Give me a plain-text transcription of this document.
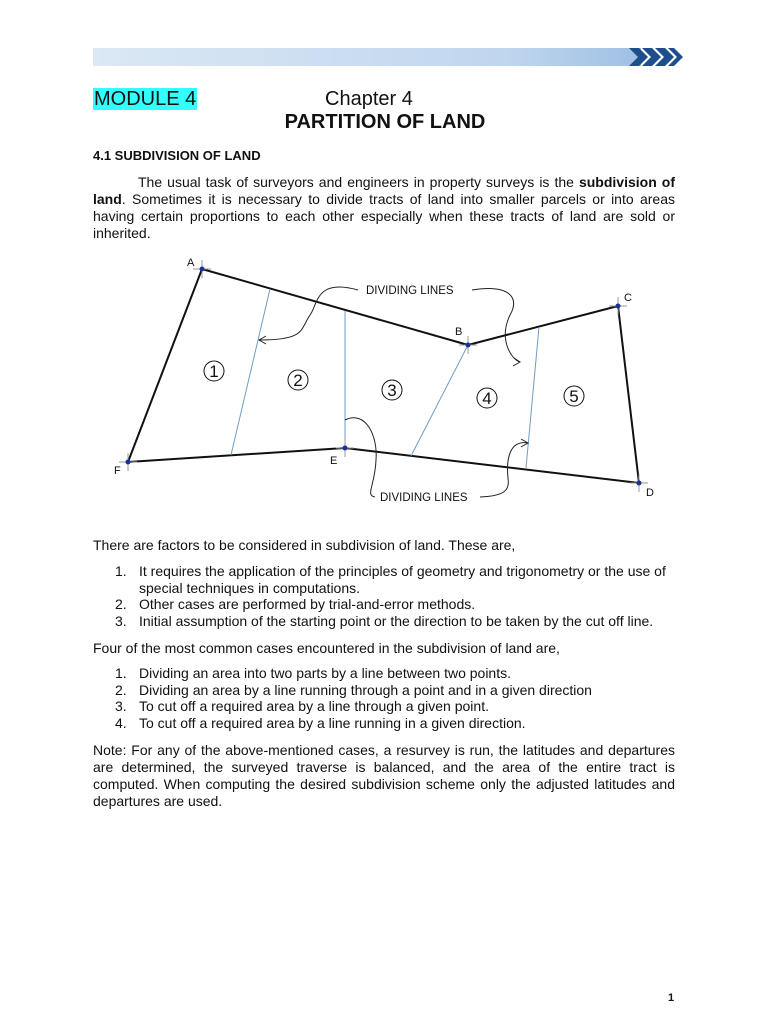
MODULE 4	Chapter 4
PARTITION OF LAND
4.1 SUBDIVISION OF LAND

The usual task of surveyors and engineers in property surveys is the subdivision of land. Sometimes it is necessary to divide tracts of land into smaller parcels or into areas having certain proportions to each other especially when these tracts of land are sold or inherited.

A
B
C
D
E
F
DIVIDING LINES
DIVIDING LINES
1	2
3	4	5

There are factors to be considered in subdivision of land. These are,

1. It requires the application of the principles of geometry and trigonometry or the use of special techniques in computations.
2. Other cases are performed by trial-and-error methods.
3. Initial assumption of the starting point or the direction to be taken by the cut off line.

Four of the most common cases encountered in the subdivision of land are,

1. Dividing an area into two parts by a line between two points.
2. Dividing an area by a line running through a point and in a given direction
3. To cut off a required area by a line through a given point.
4. To cut off a required area by a line running in a given direction.

Note: For any of the above-mentioned cases, a resurvey is run, the latitudes and departures are determined, the surveyed traverse is balanced, and the area of the entire tract is computed. When computing the desired subdivision scheme only the adjusted latitudes and departures are used.

1
